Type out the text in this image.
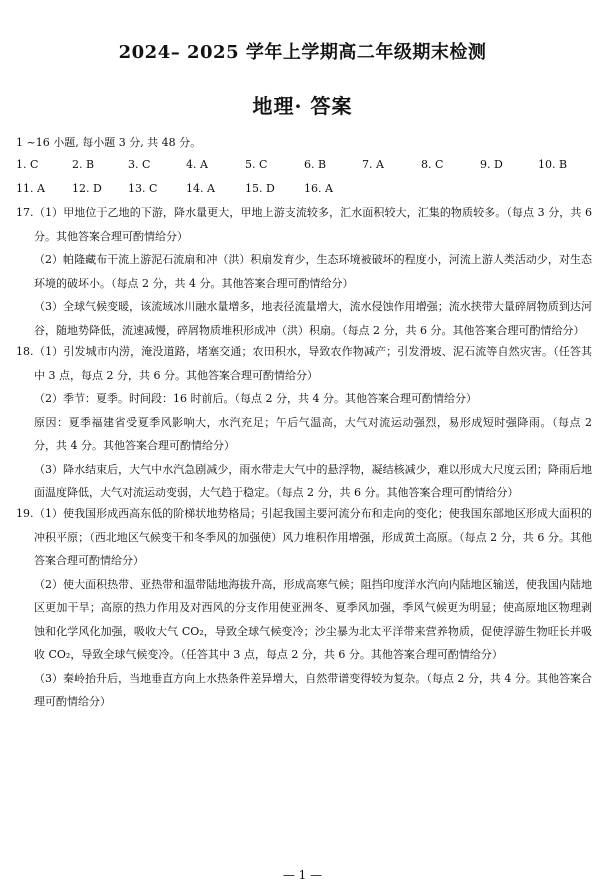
2024– 2025 学年上学期高二年级期末检测
地理· 答案
1 ~16 小题, 每小题 3 分, 共 48 分。
1. C	2. B	3. C	4. A	5. C	6. B	7. A	8. C	9. D	10. B
11. A 12. D 13. C	14. A	15. D	16. A
17. （1）甲地位于乙地的下游，降水量更大，甲地上游支流较多，汇水面积较大，汇集的物质较多。（每点 3 分，共 6 分。其他答案合理可酌情给分）

（2）帕隆藏布干流上游泥石流扇和冲（洪）积扇发育少，生态环境被破坏的程度小，河流上游人类活动少，对生态环境的破坏小。（每点 2 分，共 4 分。其他答案合理可酌情给分）

（3）全球气候变暖，该流域冰川融水量增多，地表径流量增大，流水侵蚀作用增强；流水挟带大量碎屑物质到达河谷，随地势降低，流速减慢，碎屑物质堆积形成冲（洪）积扇。（每点 2 分，共 6 分。其他答案合理可酌情给分）

18. （1）引发城市内涝，淹没道路，堵塞交通；农田积水，导致农作物减产；引发滑坡、泥石流等自然灾害。（任答其中 3 点，每点 2 分，共 6 分。其他答案合理可酌情给分）

（2）季节：夏季。时间段：16 时前后。（每点 2 分，共 4 分。其他答案合理可酌情给分）

原因：夏季福建省受夏季风影响大，水汽充足；午后气温高，大气对流运动强烈，易形成短时强降雨。（每点 2 分，共 4 分。其他答案合理可酌情给分）

（3）降水结束后，大气中水汽急剧减少，雨水带走大气中的悬浮物，凝结核减少，难以形成大尺度云团；降雨后地面温度降低，大气对流运动变弱，大气趋于稳定。（每点 2 分，共 6 分。其他答案合理可酌情给分）

19. （1）使我国形成西高东低的阶梯状地势格局；引起我国主要河流分布和走向的变化；使我国东部地区形成大面积的冲积平原；（西北地区气候变干和冬季风的加强使）风力堆积作用增强，形成黄土高原。（每点 2 分，共 6 分。其他答案合理可酌情给分）

（2）使大面积热带、亚热带和温带陆地海拔升高，形成高寒气候；阻挡印度洋水汽向内陆地区输送，使我国内陆地区更加干旱；高原的热力作用及对西风的分支作用使亚洲冬、夏季风加强，季风气候更为明显；使高原地区物理剥蚀和化学风化加强，吸收大气 CO₂，导致全球气候变冷；沙尘暴为北太平洋带来营养物质，促使浮游生物旺长并吸收 CO₂，导致全球气候变冷。（任答其中 3 点，每点 2 分，共 6 分。其他答案合理可酌情给分）

（3）秦岭抬升后，当地垂直方向上水热条件差异增大，自然带谱变得较为复杂。（每点 2 分，共 4 分。其他答案合理可酌情给分）

— 1 —
